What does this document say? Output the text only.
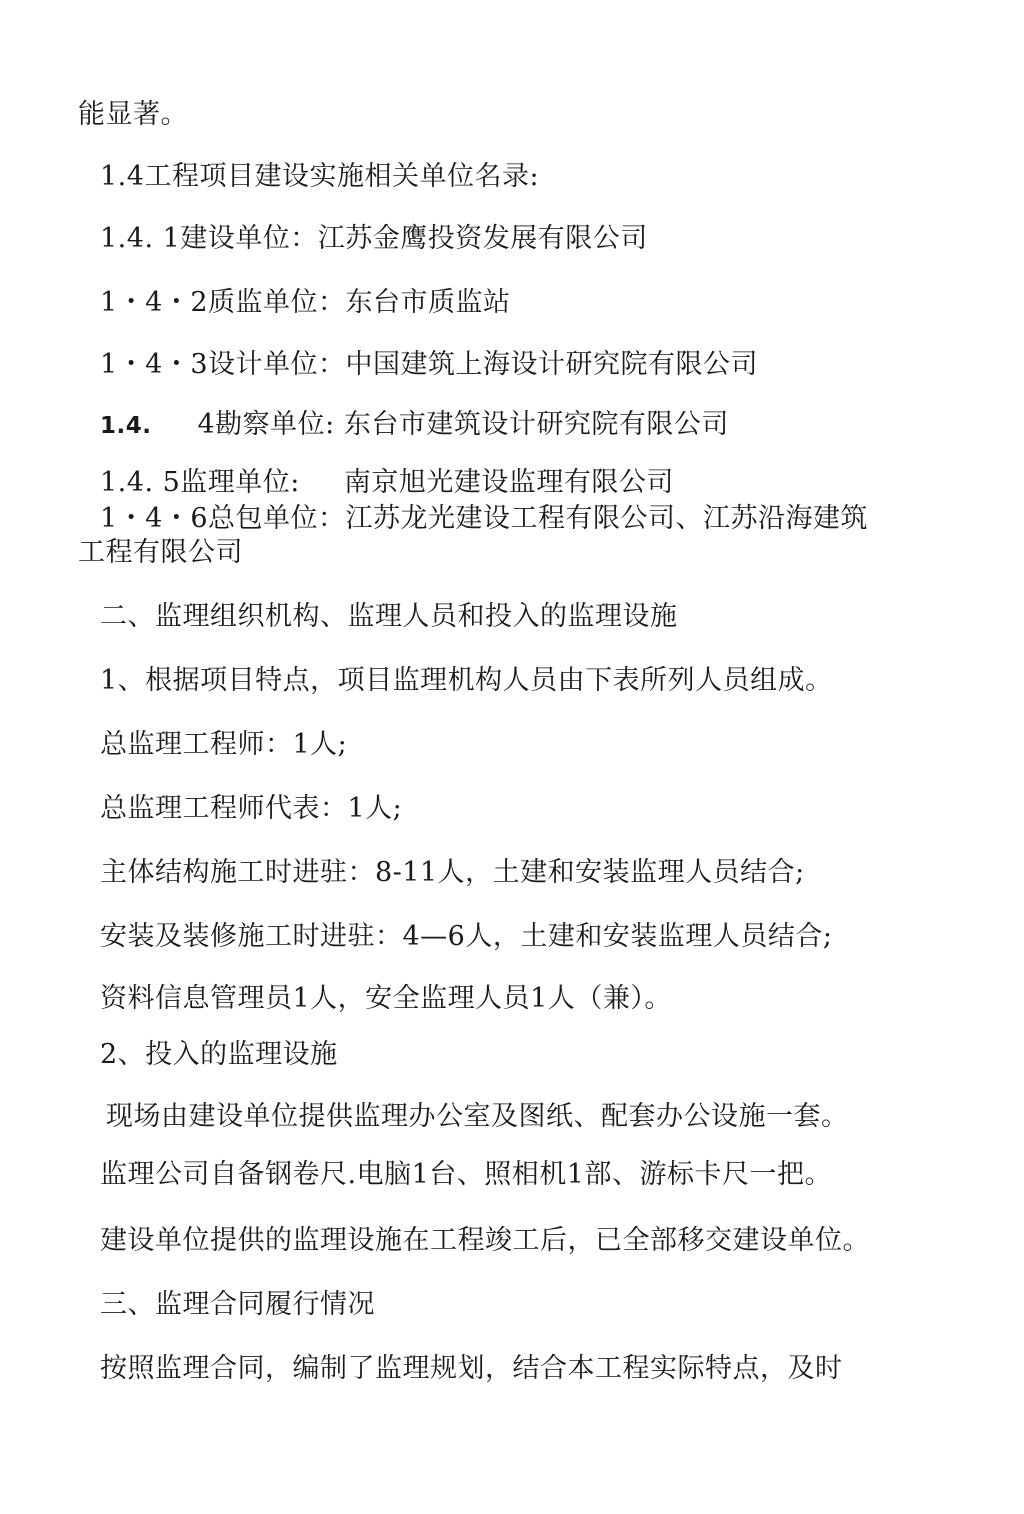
能显著。
1.4工程项目建设实施相关单位名录:
1.4. 1建设单位：江苏金鹰投资发展有限公司
1・4・2质监单位：东台市质监站
1・4・3设计单位：中国建筑上海设计研究院有限公司
1.4. 4勘察单位: 东台市建筑设计研究院有限公司
1.4. 5监理单位: 南京旭光建设监理有限公司
1・4・6总包单位：江苏龙光建设工程有限公司、江苏沿海建筑
工程有限公司
二、监理组织机构、监理人员和投入的监理设施
1、根据项目特点，项目监理机构人员由下表所列人员组成。
总监理工程师：1人;
总监理工程师代表：1人;
主体结构施工时进驻：8-11人，土建和安装监理人员结合;
安装及装修施工时进驻：4—6人，土建和安装监理人员结合;
资料信息管理员1人，安全监理人员1人（兼）。
2、投入的监理设施
现场由建设单位提供监理办公室及图纸、配套办公设施一套。
监理公司自备钢卷尺.电脑1台、照相机1部、游标卡尺一把。
建设单位提供的监理设施在工程竣工后，已全部移交建设单位。
三、监理合同履行情况
按照监理合同，编制了监理规划，结合本工程实际特点，及时
